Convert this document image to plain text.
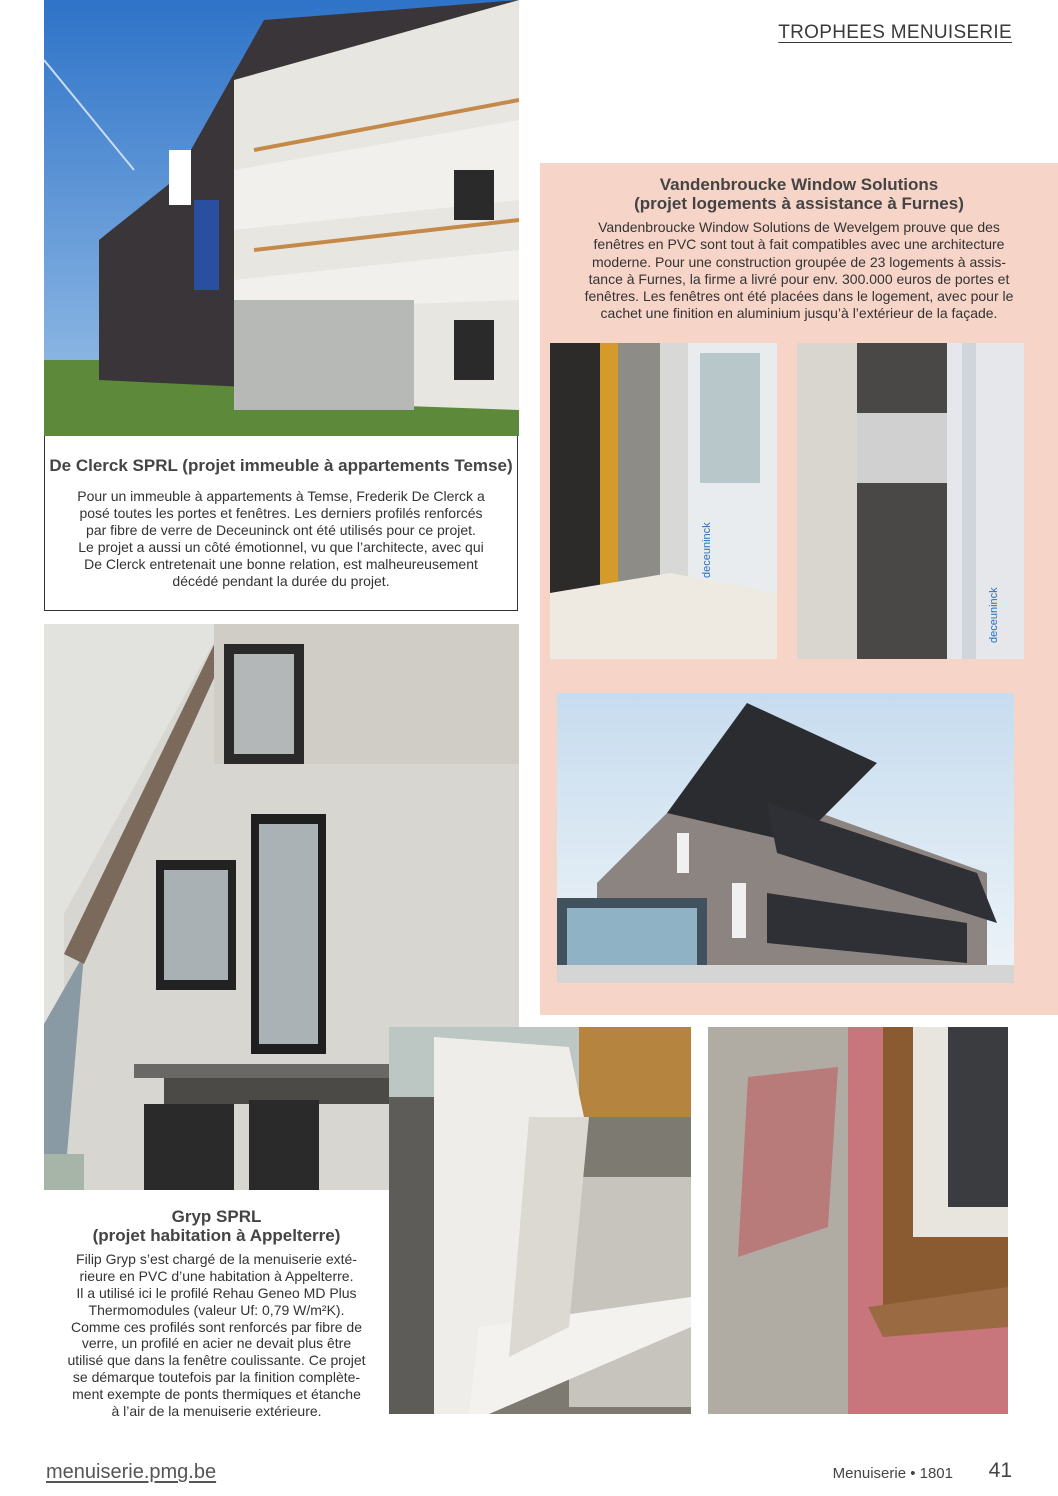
TROPHEES MENUISERIE
De Clerck SPRL (projet immeuble à appartements Temse)
Pour un immeuble à appartements à Temse, Frederik De Clerck a
posé toutes les portes et fenêtres. Les derniers profilés renforcés
par fibre de verre de Deceuninck ont été utilisés pour ce projet.
Le projet a aussi un côté émotionnel, vu que l’architecte, avec qui
De Clerck entretenait une bonne relation, est malheureusement
décédé pendant la durée du projet.
Vandenbroucke Window Solutions
(projet logements à assistance à Furnes)
Vandenbroucke Window Solutions de Wevelgem prouve que des
fenêtres en PVC sont tout à fait compatibles avec une architecture
moderne. Pour une construction groupée de 23 logements à assis-
tance à Furnes, la firme a livré pour env. 300.000 euros de portes et
fenêtres. Les fenêtres ont été placées dans le logement, avec pour le
cachet une finition en aluminium jusqu’à l’extérieur de la façade.
deceuninck
deceuninck
Gryp SPRL
(projet habitation à Appelterre)
Filip Gryp s’est chargé de la menuiserie exté-
rieure en PVC d’une habitation à Appelterre.
Il a utilisé ici le profilé Rehau Geneo MD Plus
Thermomodules (valeur Uf: 0,79 W/m²K).
Comme ces profilés sont renforcés par fibre de
verre, un profilé en acier ne devait plus être
utilisé que dans la fenêtre coulissante. Ce projet
se démarque toutefois par la finition complète-
ment exempte de ponts thermiques et étanche
à l’air de la menuiserie extérieure.
menuiserie.pmg.be	Menuiserie • 1801 41
